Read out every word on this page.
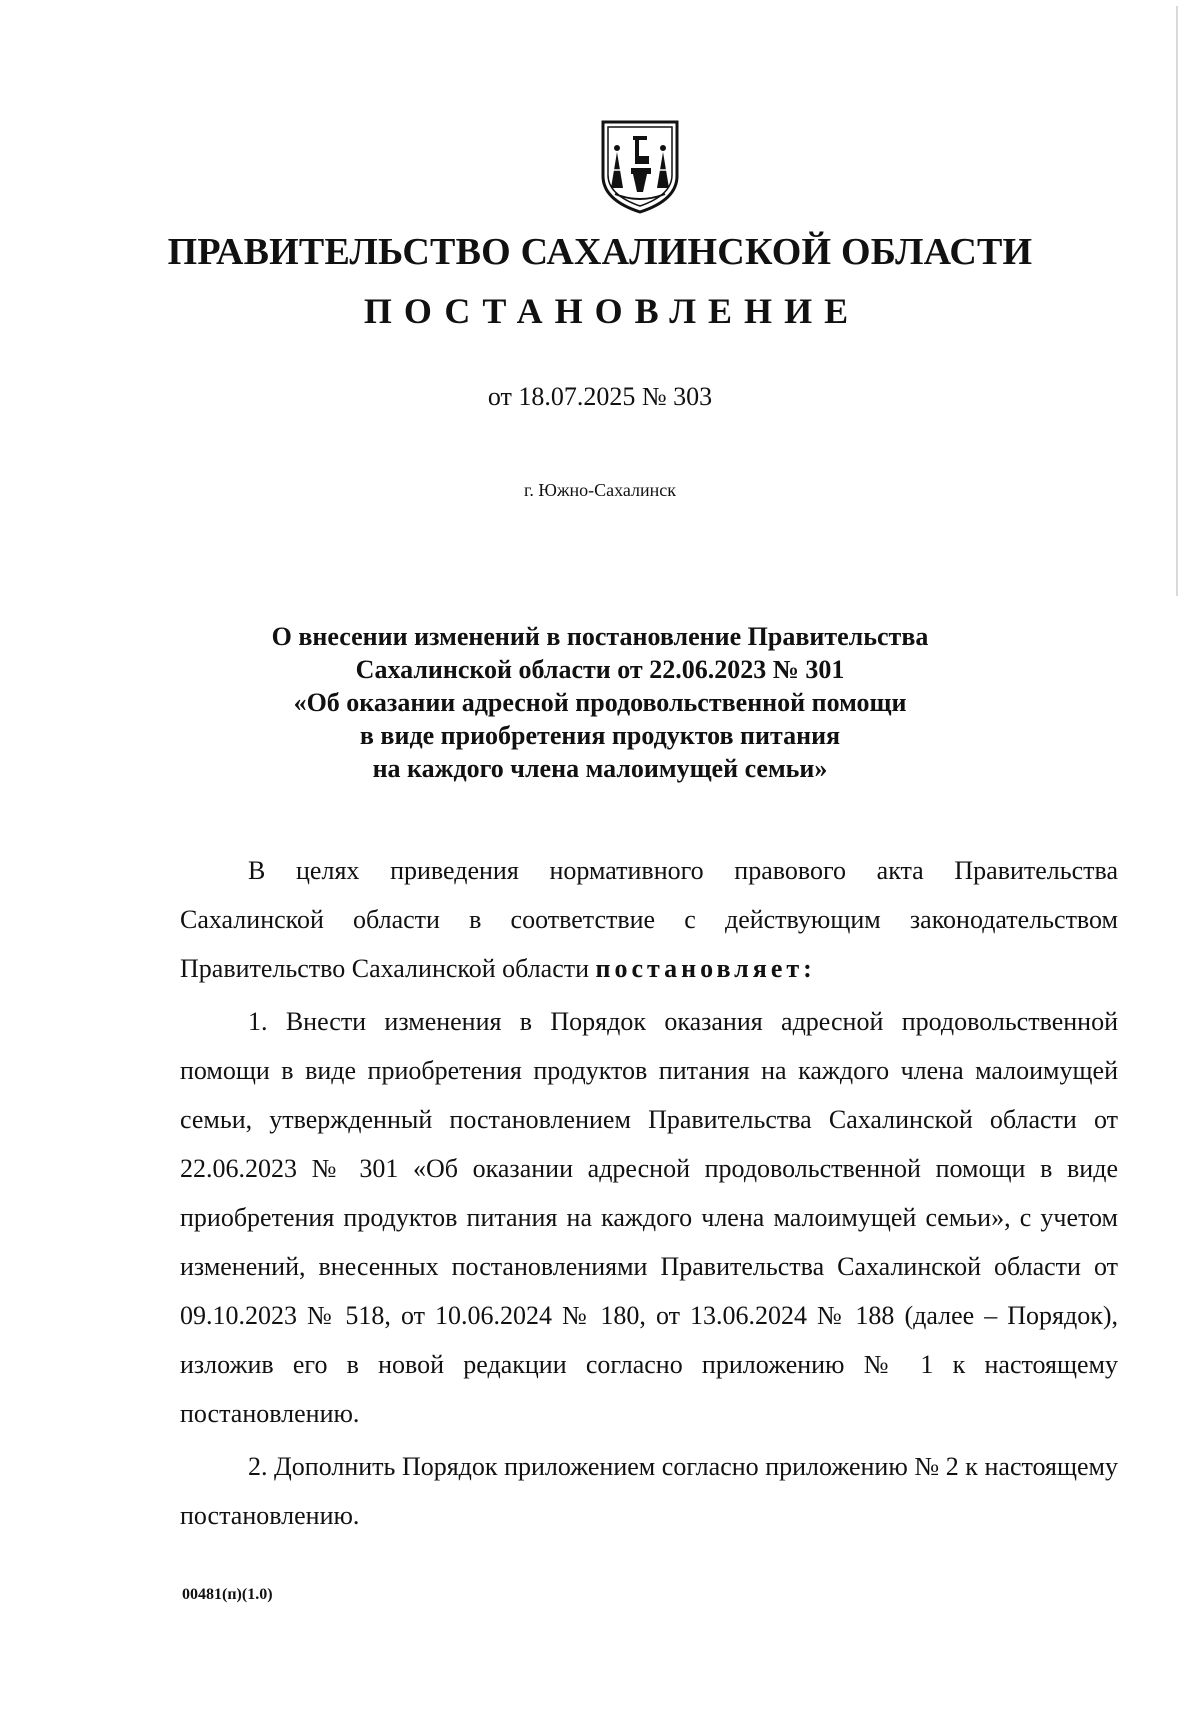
ПРАВИТЕЛЬСТВО САХАЛИНСКОЙ ОБЛАСТИ
ПОСТАНОВЛЕНИЕ

от 18.07.2025 № 303

г. Южно-Сахалинск

О внесении изменений в постановление Правительства
Сахалинской области от 22.06.2023 № 301
«Об оказании адресной продовольственной помощи
в виде приобретения продуктов питания
на каждого члена малоимущей семьи»

В целях приведения нормативного правового акта Правительства Сахалинской области в соответствие с действующим законодательством Правительство Сахалинской области постановляет:

1. Внести изменения в Порядок оказания адресной продовольственной помощи в виде приобретения продуктов питания на каждого члена малоимущей семьи, утвержденный постановлением Правительства Сахалинской области от 22.06.2023 № 301 «Об оказании адресной продовольственной помощи в виде приобретения продуктов питания на каждого члена малоимущей семьи», с учетом изменений, внесенных постановлениями Правительства Сахалинской области от 09.10.2023 № 518, от 10.06.2024 № 180, от 13.06.2024 № 188 (далее – Порядок), изложив его в новой редакции согласно приложению № 1 к настоящему постановлению.

2. Дополнить Порядок приложением согласно приложению № 2 к настоящему постановлению.

00481(п)(1.0)
